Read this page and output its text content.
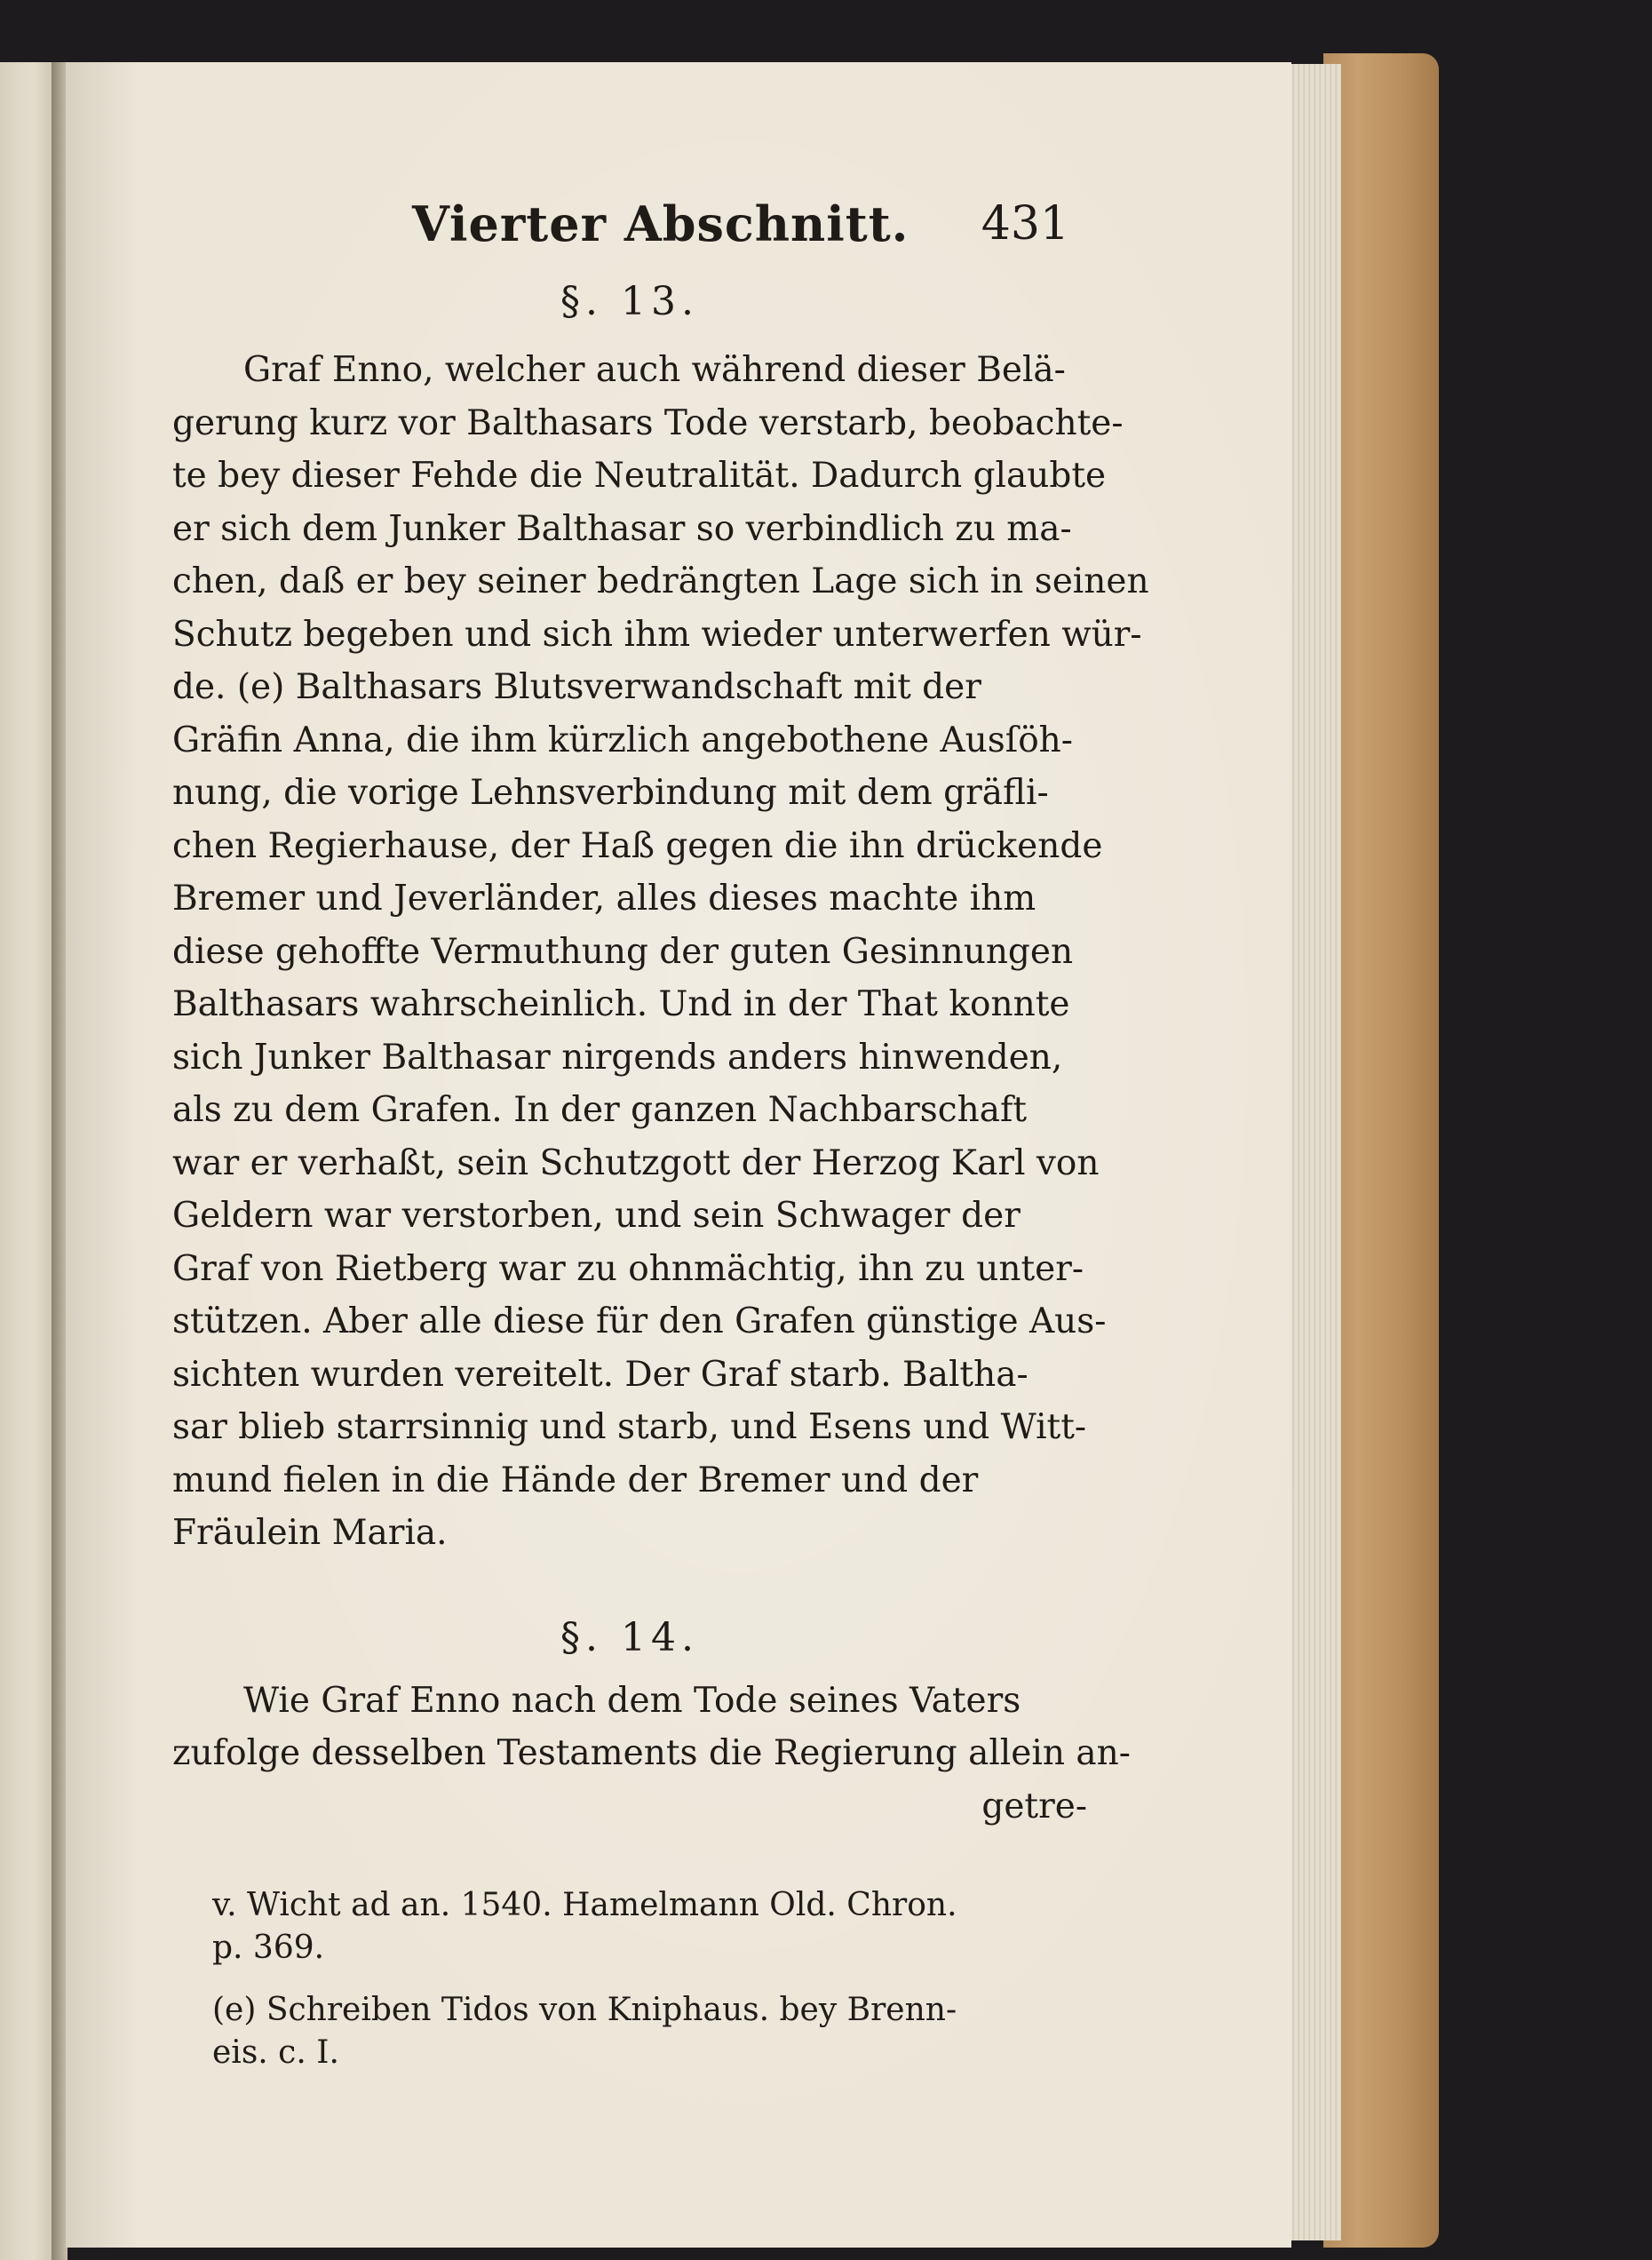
Vierter Abschnitt. 431
§. 13.

Graf Enno, welcher auch während dieser Belä-
gerung kurz vor Balthasars Tode verstarb, beobachte-
te bey dieser Fehde die Neutralität. Dadurch glaubte
er sich dem Junker Balthasar so verbindlich zu ma-
chen, daß er bey seiner bedrängten Lage sich in seinen
Schutz begeben und sich ihm wieder unterwerfen wür-
de. (e) Balthasars Blutsverwandschaft mit der
Gräfin Anna, die ihm kürzlich angebothene Ausſöh-
nung, die vorige Lehnsverbindung mit dem gräfli-
chen Regierhause, der Haß gegen die ihn drückende
Bremer und Jeverländer, alles dieses machte ihm
diese gehoffte Vermuthung der guten Gesinnungen
Balthasars wahrscheinlich. Und in der That konnte
sich Junker Balthasar nirgends anders hinwenden,
als zu dem Grafen. In der ganzen Nachbarschaft
war er verhaßt, sein Schutzgott der Herzog Karl von
Geldern war verstorben, und sein Schwager der
Graf von Rietberg war zu ohnmächtig, ihn zu unter-
stützen. Aber alle diese für den Grafen günstige Aus-
sichten wurden vereitelt. Der Graf starb. Baltha-
sar blieb starrsinnig und starb, und Esens und Witt-
mund fielen in die Hände der Bremer und der
Fräulein Maria.

§. 14.

Wie Graf Enno nach dem Tode seines Vaters
zufolge desselben Testaments die Regierung allein an-

getre-
v. Wicht ad an. 1540. Hamelmann Old. Chron.
p. 369.
(e) Schreiben Tidos von Kniphaus. bey Brenn-
eis. c. I.
